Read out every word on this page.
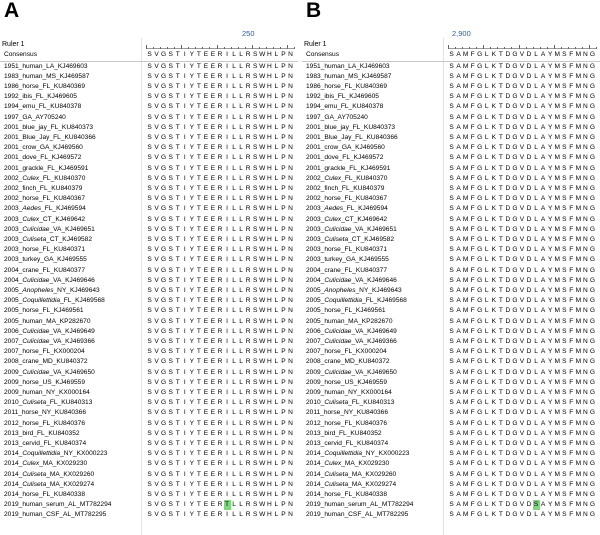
A
250
Ruler 1
Consensus	S V G S T I Y T E E R I L L R S W H L P N
1951_human_LA_KJ469603	S V G S T I Y T E E R I L L R S W H L P N
1983_human_MS_KJ469587	S V G S T I Y T E E R I L L R S W H L P N
1986_horse_FL_KU840369	S V G S T I Y T E E R I L L R S W H L P N
1992_ibis_FL_KJ469605	S V G S T I Y T E E R I L L R S W H L P N
1994_emu_FL_KU840378	S V G S T I Y T E E R I L L R S W H L P N
1997_GA_AY705240	S V G S T I Y T E E R I L L R S W H L P N
2001_blue_jay_FL_KU840373	S V G S T I Y T E E R I L L R S W H L P N
2001_Blue_Jay_FL_KU840366	S V G S T I Y T E E R I L L R S W H L P N
2001_crow_GA_KJ469560	S V G S T I Y T E E R I L L R S W H L P N
2001_dove_FL_KJ469572	S V G S T I Y T E E R I L L R S W H L P N
2001_grackle_FL_KJ469591	S V G S T I Y T E E R I L L R S W H L P N
2002_Culex_FL_KU840370	S V G S T I Y T E E R I L L R S W H L P N
2002_finch_FL_KU840379	S V G S T I Y T E E R I L L R S W H L P N
2002_horse_FL_KU840367	S V G S T I Y T E E R I L L R S W H L P N
2003_Aedes_FL_KJ469594	S V G S T I Y T E E R I L L R S W H L P N
2003_Culex_CT_KJ469642	S V G S T I Y T E E R I L L R S W H L P N
2003_Culicidae_VA_KJ469651	S V G S T I Y T E E R I L L R S W H L P N
2003_Culiseta_CT_KJ469582	S V G S T I Y T E E R I L L R S W H L P N
2003_horse_FL_KU840371	S V G S T I Y T E E R I L L R S W H L P N
2003_turkey_GA_KJ469555	S V G S T I Y T E E R I L L R S W H L P N
2004_crane_FL_KU840377	S V G S T I Y T E E R I L L R S W H L P N
2004_Culicidae_VA_KJ469646	S V G S T I Y T E E R I L L R S W H L P N
2005_Anopheles_NY_KJ469643	S V G S T I Y T E E R I L L R S W H L P N
2005_Coquillettidia_FL_KJ469568	S V G S T I Y T E E R I L L R S W H L P N
2005_horse_FL_KJ469561	S V G S T I Y T E E R I L L R S W H L P N
2005_human_MA_KP282670	S V G S T I Y T E E R I L L R S W H L P N
2006_Culicidae_VA_KJ469649	S V G S T I Y T E E R I L L R S W H L P N
2007_Culicidae_VA_KJ469366	S V G S T I Y T E E R I L L R S W H L P N
2007_horse_FL_KX000204	S V G S T I Y T E E R I L L R S W H L P N
2008_crane_MD_KU840372	S V G S T I Y T E E R I L L R S W H L P N
2009_Culicidae_VA_KJ469650	S V G S T I Y T E E R I L L R S W H L P N
2009_horse_US_KJ469559	S V G S T I Y T E E R I L L R S W H L P N
2009_human_NY_KX000164	S V G S T I Y T E E R I L L R S W H L P N
2010_Culiseta_FL_KU840313	S V G S T I Y T E E R I L L R S W H L P N
2011_horse_NY_KU840366	S V G S T I Y T E E R I L L R S W H L P N
2012_horse_FL_KU840376	S V G S T I Y T E E R I L L R S W H L P N
2013_bird_FL_KU840352	S V G S T I Y T E E R I L L R S W H L P N
2013_cervid_FL_KU840374	S V G S T I Y T E E R I L L R S W H L P N
2014_Coquillettidia_NY_KX000223	S V G S T I Y T E E R I L L R S W H L P N
2014_Culex_MA_KX029230	S V G S T I Y T E E R I L L R S W H L P N
2014_Culiseta_MA_KX029260	S V G S T I Y T E E R I L L R S W H L P N
2014_Culiseta_MA_KX029274	S V G S T I Y T E E R I L L R S W H L P N
2014_horse_FL_KU840338	S V G S T I Y T E E R I L L R S W H L P N
2019_human_serum_AL_MT782294	S V G S T I Y T E E R T L L R S W H L P N
2019_human_CSF_AL_MT782295	S V G S T I Y T E E R I L L R S W H L P N
B
2,900
Ruler 1
Consensus	S A M F G L K T D G V D L A Y M S F M N G
1951_human_LA_KJ469603	S A M F G L K T D G V D L A Y M S F M N G
1983_human_MS_KJ469587	S A M F G L K T D G V D L A Y M S F M N G
1986_horse_FL_KU840369	S A M F G L K T D G V D L A Y M S F M N G
1992_ibis_FL_KJ469605	S A M F G L K T D G V D L A Y M S F M N G
1994_emu_FL_KU840378	S A M F G L K T D G V D L A Y M S F M N G
1997_GA_AY705240	S A M F G L K T D G V D L A Y M S F M N G
2001_blue_jay_FL_KU840373	S A M F G L K T D G V D L A Y M S F M N G
2001_Blue_Jay_FL_KU840366	S A M F G L K T D G V D L A Y M S F M N G
2001_crow_GA_KJ469560	S A M F G L K T D G V D L A Y M S F M N G
2001_dove_FL_KJ469572	S A M F G L K T D G V D L A Y M S F M N G
2001_grackle_FL_KJ469591	S A M F G L K T D G V D L A Y M S F M N G
2002_Culex_FL_KU840370	S A M F G L K T D G V D L A Y M S F M N G
2002_finch_FL_KU840379	S A M F G L K T D G V D L A Y M S F M N G
2002_horse_FL_KU840367	S A M F G L K T D G V D L A Y M S F M N G
2003_Aedes_FL_KJ469594	S A M F G L K T D G V D L A Y M S F M N G
2003_Culex_CT_KJ469642	S A M F G L K T D G V D L A Y M S F M N G
2003_Culicidae_VA_KJ469651	S A M F G L K T D G V D L A Y M S F M N G
2003_Culiseta_CT_KJ469582	S A M F G L K T D G V D L A Y M S F M N G
2003_horse_FL_KU840371	S A M F G L K T D G V D L A Y M S F M N G
2003_turkey_GA_KJ469555	S A M F G L K T D G V D L A Y M S F M N G
2004_crane_FL_KU840377	S A M F G L K T D G V D L A Y M S F M N G
2004_Culicidae_VA_KJ469646	S A M F G L K T D G V D L A Y M S F M N G
2005_Anopheles_NY_KJ469643	S A M F G L K T D G V D L A Y M S F M N G
2005_Coquillettidia_FL_KJ469568	S A M F G L K T D G V D L A Y M S F M N G
2005_horse_FL_KJ469561	S A M F G L K T D G V D L A Y M S F M N G
2005_human_MA_KP282670	S A M F G L K T D G V D L A Y M S F M N G
2006_Culicidae_VA_KJ469649	S A M F G L K T D G V D L A Y M S F M N G
2007_Culicidae_VA_KJ469366	S A M F G L K T D G V D L A Y M S F M N G
2007_horse_FL_KX000204	S A M F G L K T D G V D L A Y M S F M N G
2008_crane_MD_KU840372	S A M F G L K T D G V D L A Y M S F M N G
2009_Culicidae_VA_KJ469650	S A M F G L K T D G V D L A Y M S F M N G
2009_horse_US_KJ469559	S A M F G L K T D G V D L A Y M S F M N G
2009_human_NY_KX000164	S A M F G L K T D G V D L A Y M S F M N G
2010_Culiseta_FL_KU840313	S A M F G L K T D G V D L A Y M S F M N G
2011_horse_NY_KU840366	S A M F G L K T D G V D L A Y M S F M N G
2012_horse_FL_KU840376	S A M F G L K T D G V D L A Y M S F M N G
2013_bird_FL_KU840352	S A M F G L K T D G V D L A Y M S F M N G
2013_cervid_FL_KU840374	S A M F G L K T D G V D L A Y M S F M N G
2014_Coquillettidia_NY_KX000223	S A M F G L K T D G V D L A Y M S F M N G
2014_Culex_MA_KX029230	S A M F G L K T D G V D L A Y M S F M N G
2014_Culiseta_MA_KX029260	S A M F G L K T D G V D L A Y M S F M N G
2014_Culiseta_MA_KX029274	S A M F G L K T D G V D L A Y M S F M N G
2014_horse_FL_KU840338	S A M F G L K T D G V D L A Y M S F M N G
2019_human_serum_AL_MT782294	S A M F G L K T D G V D S A Y M S F M N G
2019_human_CSF_AL_MT782295	S A M F G L K T D G V D L A Y M S F M N G
